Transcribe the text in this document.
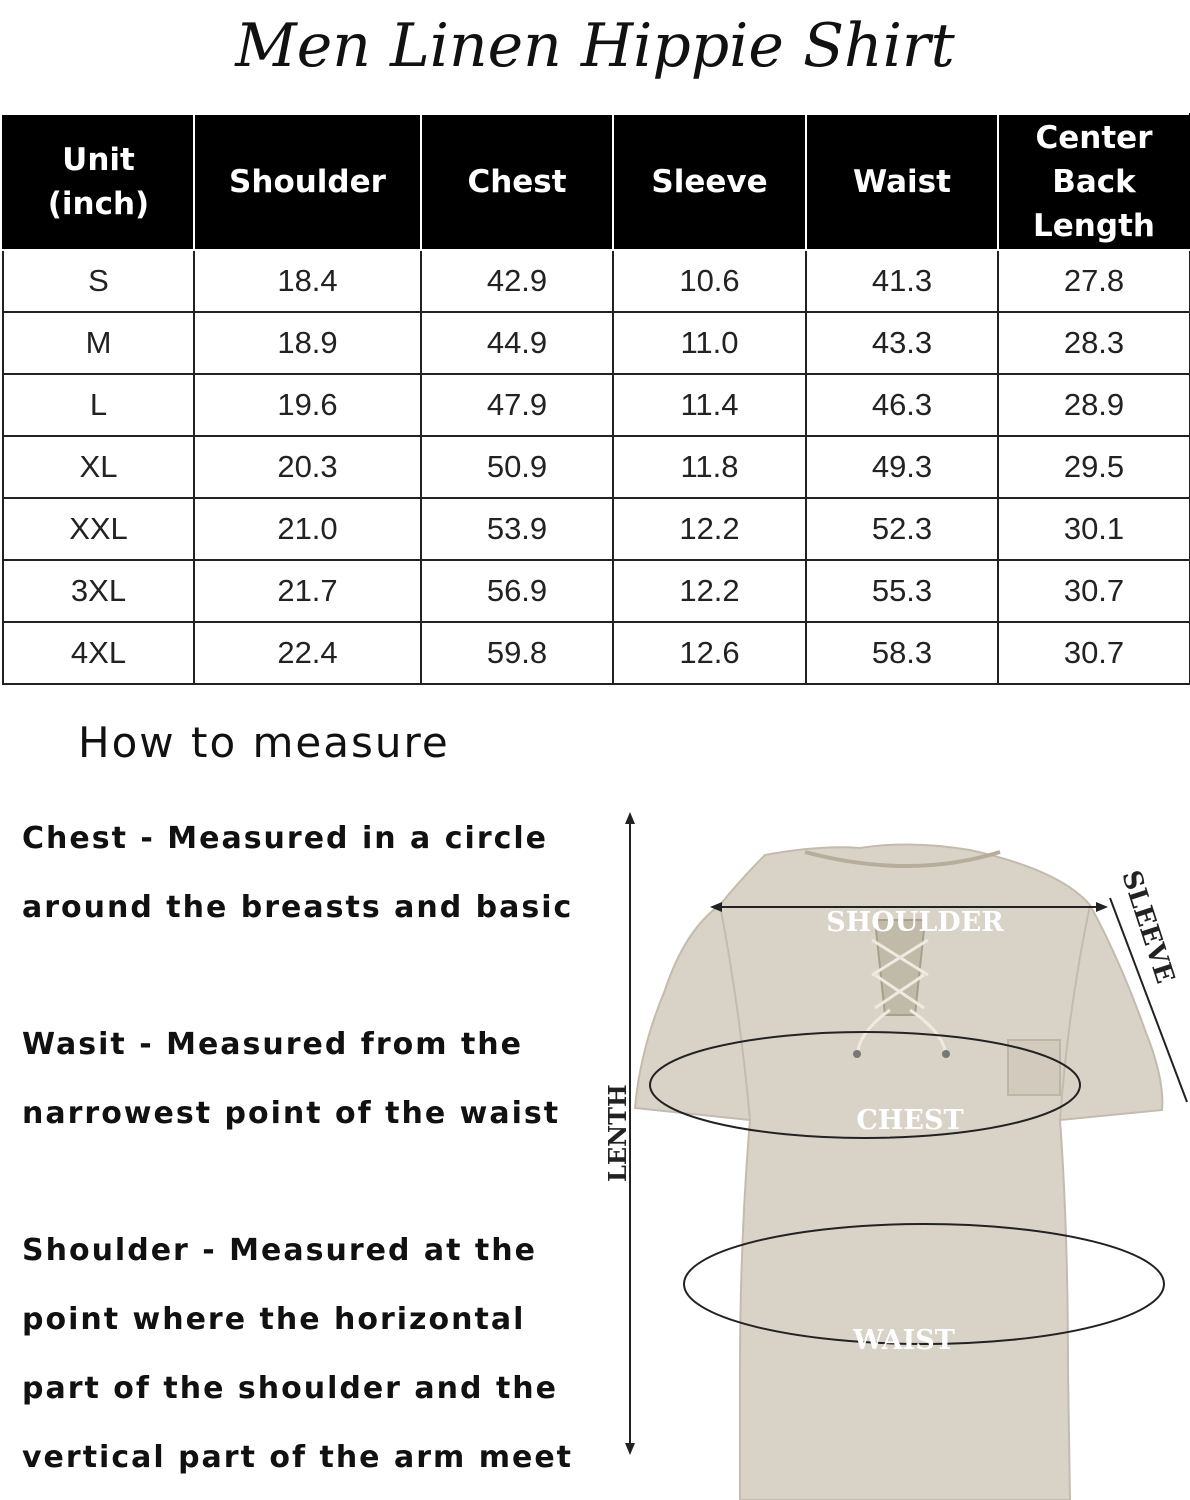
Men Linen Hippie Shirt
Unit
(inch)	Shoulder	Chest	Sleeve	Waist	Center
Back
Length
S	18.4	42.9	10.6	41.3	27.8
M	18.9	44.9	11.0	43.3	28.3
L	19.6	47.9	11.4	46.3	28.9
XL	20.3	50.9	11.8	49.3	29.5
XXL	21.0	53.9	12.2	52.3	30.1
3XL	21.7	56.9	12.2	55.3	30.7
4XL	22.4	59.8	12.6	58.3	30.7
How to measure
Chest - Measured in a circle
around the breasts and basic
Wasit - Measured from the
narrowest point of the waist
Shoulder - Measured at the
point where the horizontal
part of the shoulder and the
vertical part of the arm meet
LENTH
SHOULDER	SLEEVE
CHEST
WAIST
